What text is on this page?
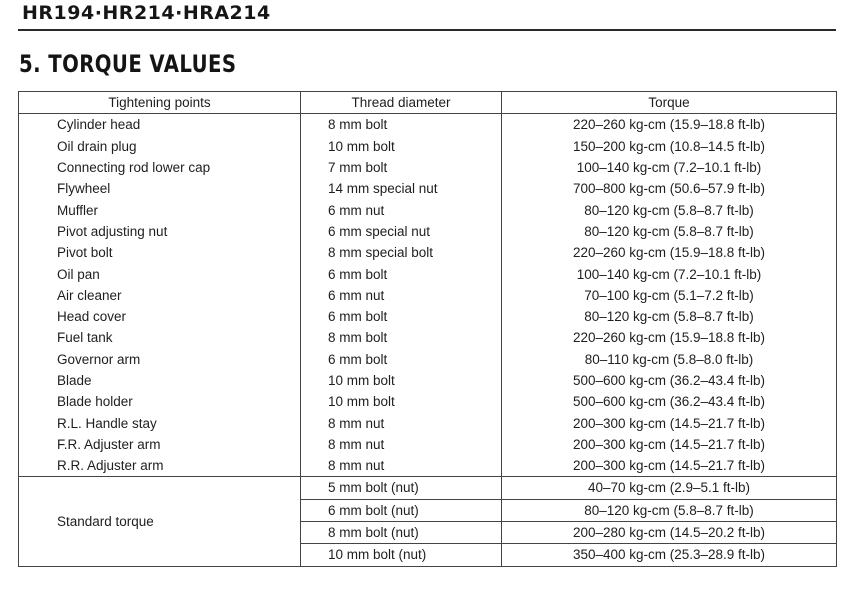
HR194·HR214·HRA214
5. TORQUE VALUES
Tightening points	Thread diameter	Torque
Cylinder head	8 mm bolt	220–260 kg-cm (15.9–18.8 ft-lb)
Oil drain plug	10 mm bolt	150–200 kg-cm (10.8–14.5 ft-lb)
Connecting rod lower cap	7 mm bolt	100–140 kg-cm (7.2–10.1 ft-lb)
Flywheel	14 mm special nut	700–800 kg-cm (50.6–57.9 ft-lb)
Muffler	6 mm nut	80–120 kg-cm (5.8–8.7 ft-lb)
Pivot adjusting nut	6 mm special nut	80–120 kg-cm (5.8–8.7 ft-lb)
Pivot bolt	8 mm special bolt	220–260 kg-cm (15.9–18.8 ft-lb)
Oil pan	6 mm bolt	100–140 kg-cm (7.2–10.1 ft-lb)
Air cleaner	6 mm nut	70–100 kg-cm (5.1–7.2 ft-lb)
Head cover	6 mm bolt	80–120 kg-cm (5.8–8.7 ft-lb)
Fuel tank	8 mm bolt	220–260 kg-cm (15.9–18.8 ft-lb)
Governor arm	6 mm bolt	80–110 kg-cm (5.8–8.0 ft-lb)
Blade	10 mm bolt	500–600 kg-cm (36.2–43.4 ft-lb)
Blade holder	10 mm bolt	500–600 kg-cm (36.2–43.4 ft-lb)
R.L. Handle stay	8 mm nut	200–300 kg-cm (14.5–21.7 ft-lb)
F.R. Adjuster arm	8 mm nut	200–300 kg-cm (14.5–21.7 ft-lb)
R.R. Adjuster arm	8 mm nut	200–300 kg-cm (14.5–21.7 ft-lb)
Standard torque	5 mm bolt (nut)	40–70 kg-cm (2.9–5.1 ft-lb)
	6 mm bolt (nut)	80–120 kg-cm (5.8–8.7 ft-lb)
	8 mm bolt (nut)	200–280 kg-cm (14.5–20.2 ft-lb)
	10 mm bolt (nut)	350–400 kg-cm (25.3–28.9 ft-lb)
